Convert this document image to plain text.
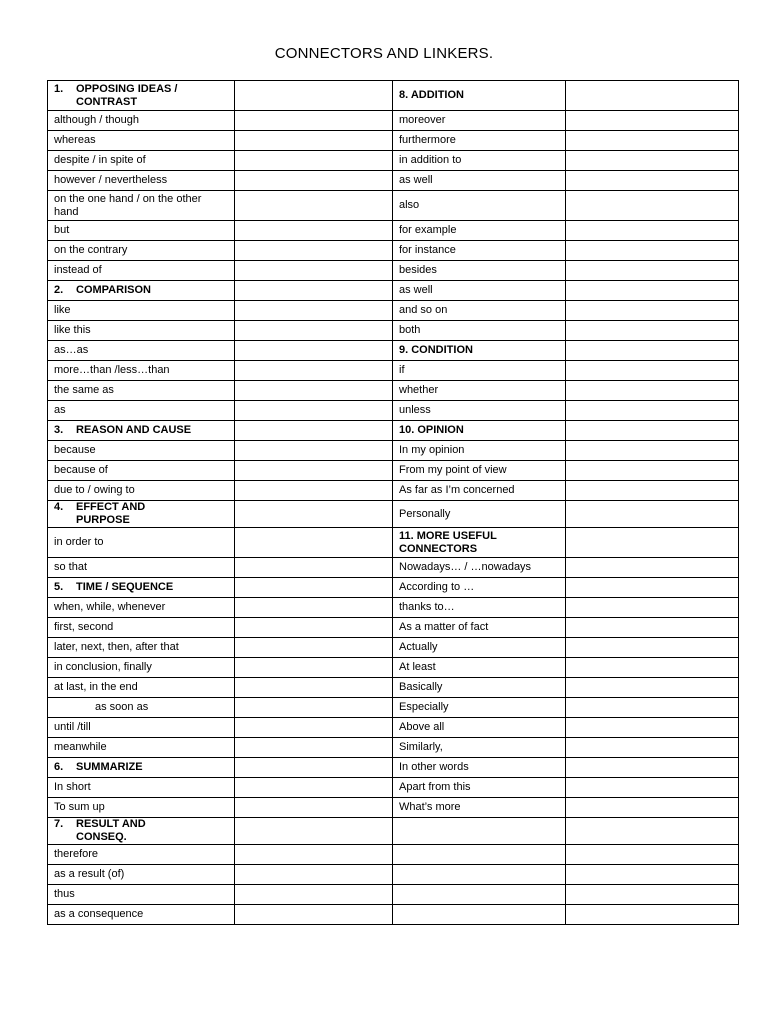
CONNECTORS AND LINKERS.
1. OPPOSING IDEAS / CONTRAST		8. ADDITION	
although / though		moreover	
whereas		furthermore	
despite / in spite of		in addition to	
however / nevertheless		as well	
on the one hand / on the other hand		also	
but		for example	
on the contrary		for instance	
instead of		besides	
2. COMPARISON		as well	
like		and so on	
like this		both	
as…as		9. CONDITION	
more…than /less…than		if	
the same as		whether	
as		unless	
3. REASON AND CAUSE		10. OPINION	
because		In my opinion	
because of		From my point of view	
due to / owing to		As far as I’m concerned	
4. EFFECT AND PURPOSE		Personally	
in order to		11. MORE USEFUL CONNECTORS	
so that		Nowadays… / …nowadays	
5. TIME / SEQUENCE		According to …	
when, while, whenever		thanks to…	
first, second		As a matter of fact	
later, next, then, after that		Actually	
in conclusion, finally		At least	
at last, in the end		Basically	
as soon as		Especially	
until /till		Above all	
meanwhile		Similarly,	
6. SUMMARIZE		In other words	
In short		Apart from this	
To sum up		What’s more	
7. RESULT AND CONSEQ.			
therefore			
as a result (of)			
thus			
as a consequence			
